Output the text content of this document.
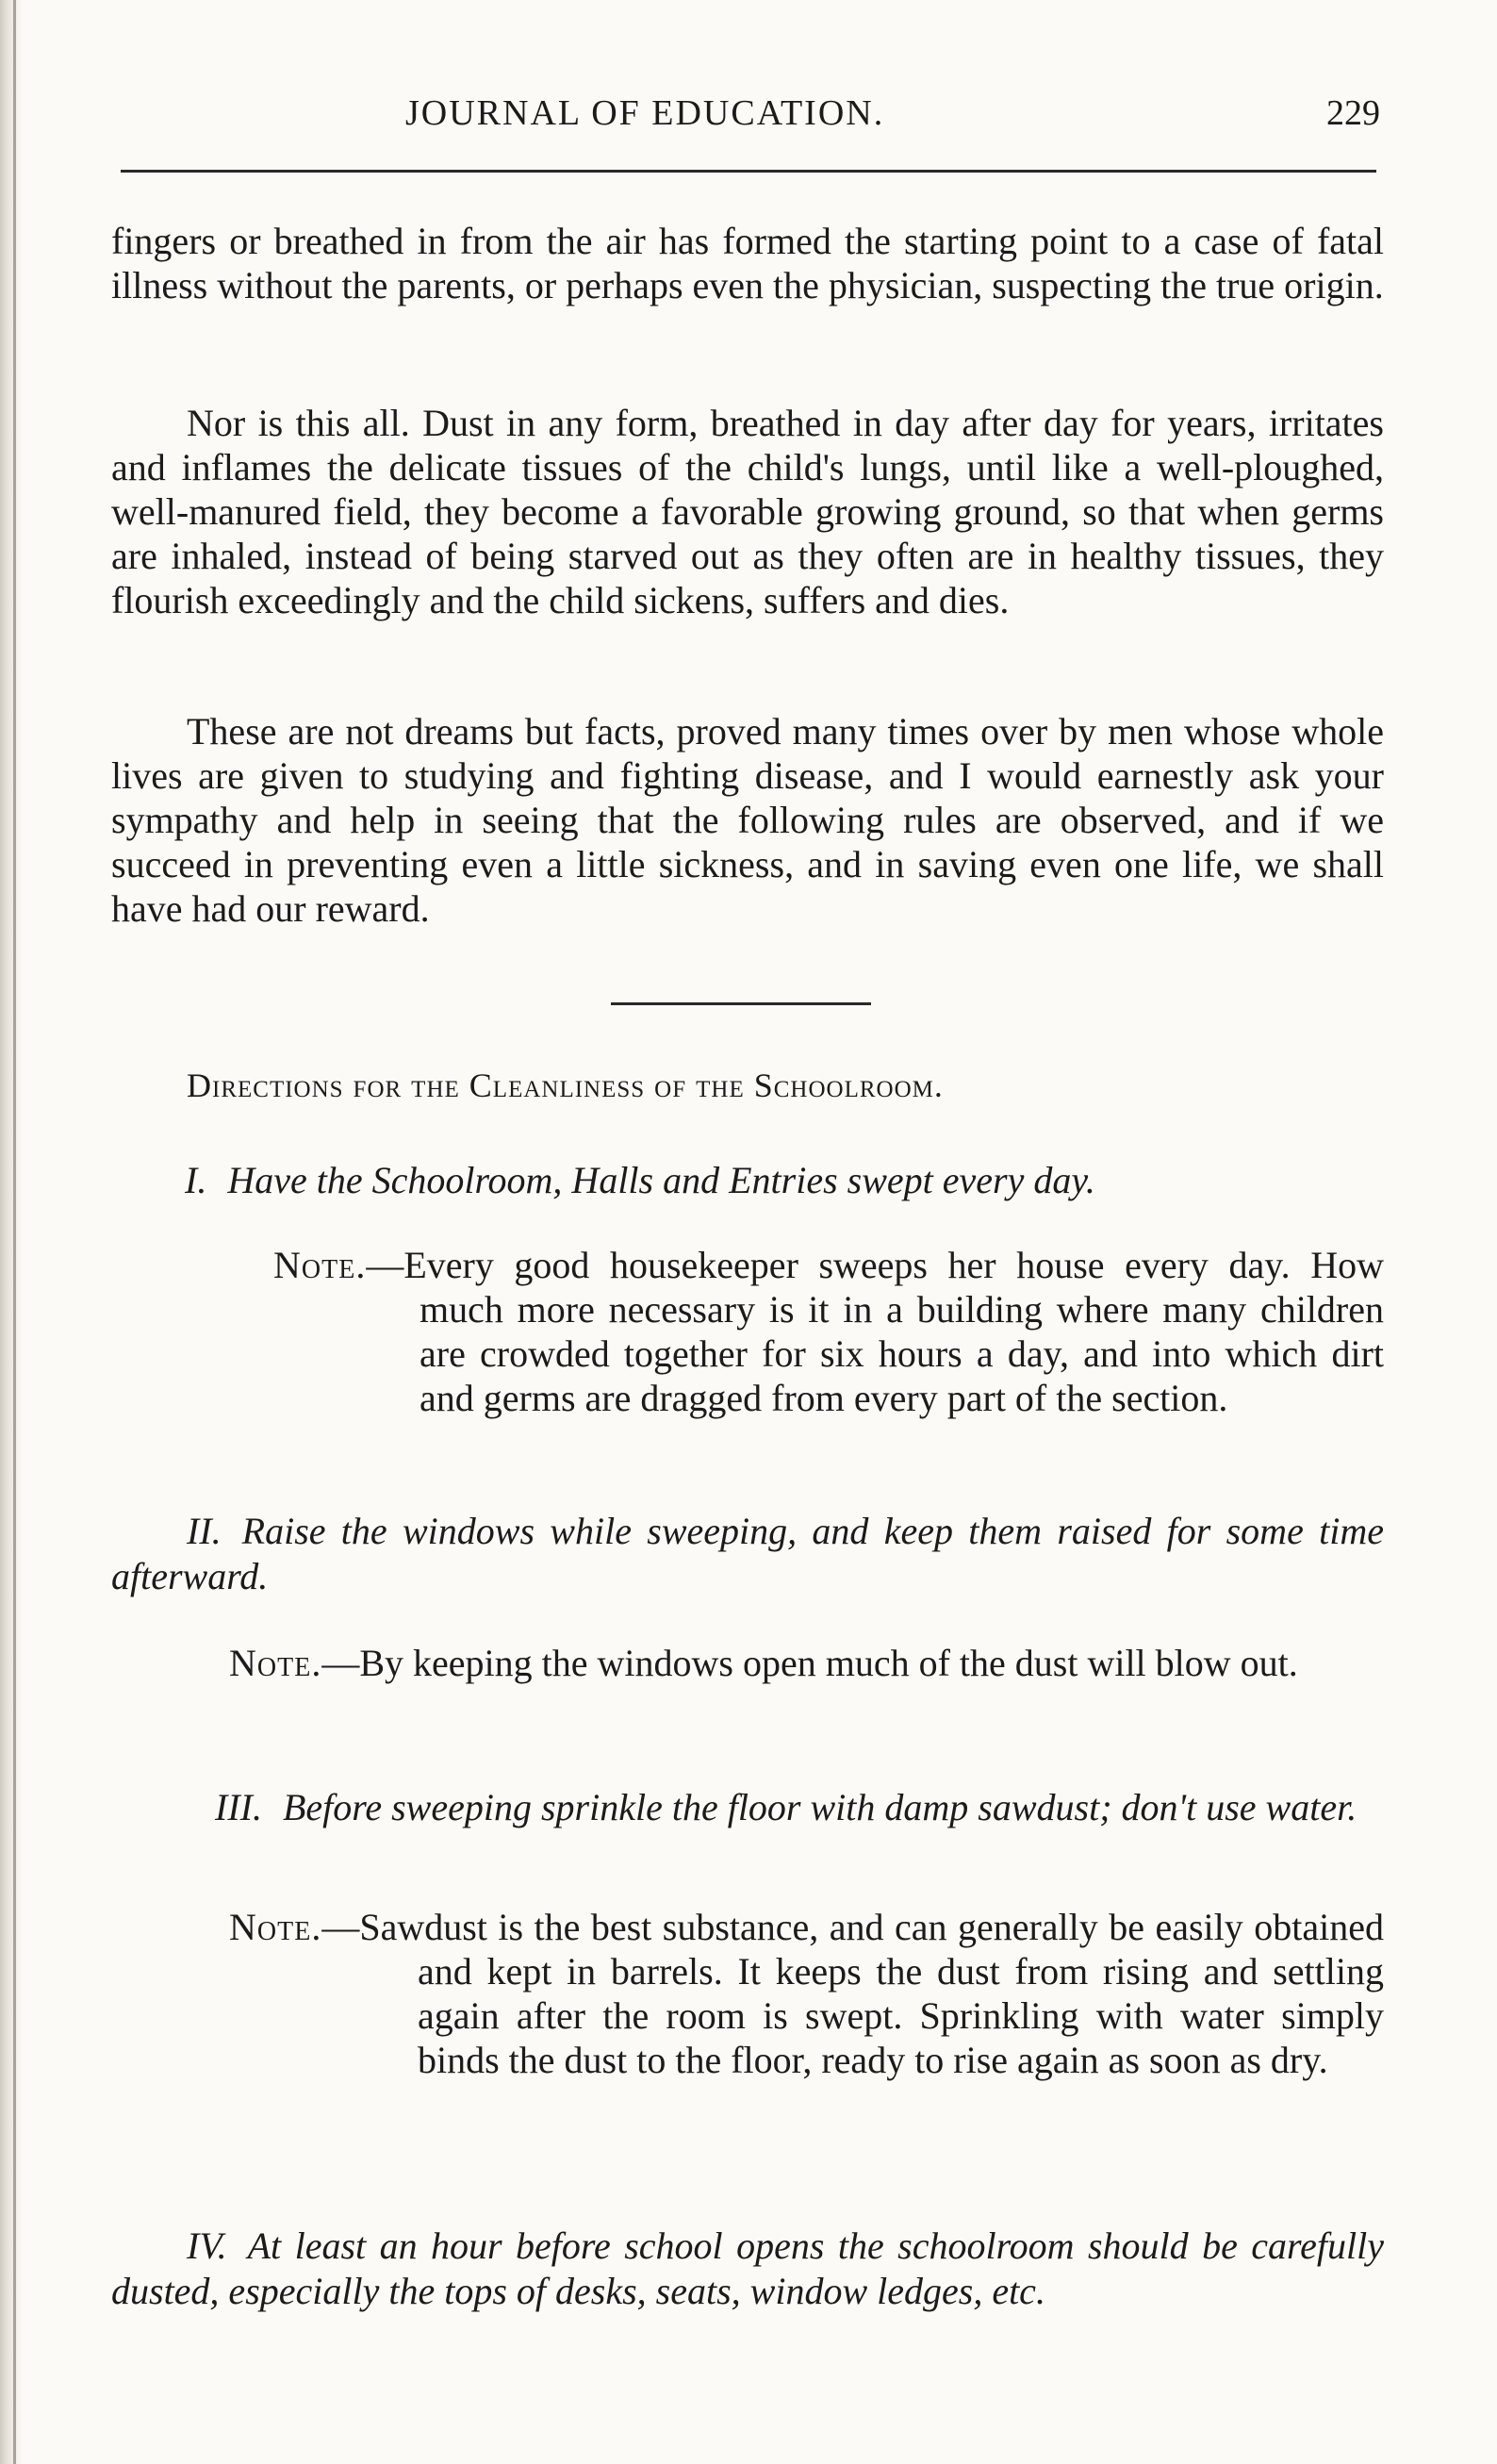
JOURNAL OF EDUCATION.	229

fingers or breathed in from the air has formed the starting point to a case of fatal illness without the parents, or perhaps even the physician, suspecting the true origin.

Nor is this all. Dust in any form, breathed in day after day for years, irritates and inflames the delicate tissues of the child's lungs, until like a well-ploughed, well-manured field, they become a favorable growing ground, so that when germs are inhaled, instead of being starved out as they often are in healthy tissues, they flourish exceedingly and the child sickens, suffers and dies.

These are not dreams but facts, proved many times over by men whose whole lives are given to studying and fighting disease, and I would earnestly ask your sympathy and help in seeing that the following rules are observed, and if we succeed in preventing even a little sickness, and in saving even one life, we shall have had our reward.

Directions for the Cleanliness of the Schoolroom.

I. Have the Schoolroom, Halls and Entries swept every day.

Note.—Every good housekeeper sweeps her house every day. How much more necessary is it in a building where many children are crowded together for six hours a day, and into which dirt and germs are dragged from every part of the section.

II. Raise the windows while sweeping, and keep them raised for some time afterward.

Note.—By keeping the windows open much of the dust will blow out.

III. Before sweeping sprinkle the floor with damp sawdust; don't use water.

Note.—Sawdust is the best substance, and can generally be easily obtained and kept in barrels. It keeps the dust from rising and settling again after the room is swept. Sprinkling with water simply binds the dust to the floor, ready to rise again as soon as dry.

IV. At least an hour before school opens the schoolroom should be carefully dusted, especially the tops of desks, seats, window ledges, etc.
